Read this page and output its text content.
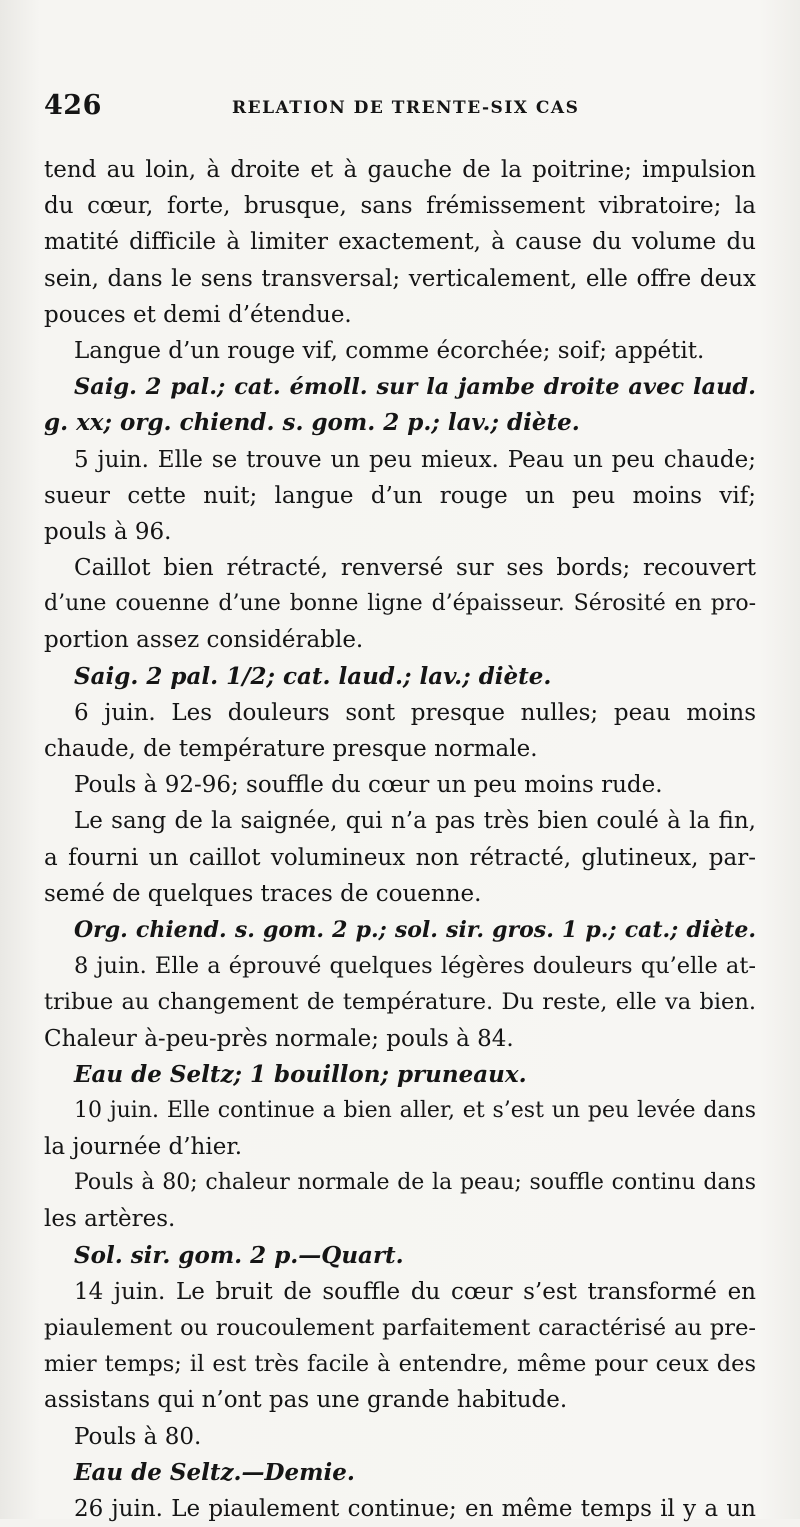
426	RELATION DE TRENTE-SIX CAS
tend au loin, à droite et à gauche de la poitrine; impulsion
du cœur, forte, brusque, sans frémissement vibratoire; la
matité difficile à limiter exactement, à cause du volume du
sein, dans le sens transversal; verticalement, elle offre deux
pouces et demi d’étendue.
Langue d’un rouge vif, comme écorchée; soif; appétit.
Saig. 2 pal.; cat. émoll. sur la jambe droite avec laud.
g. xx; org. chiend. s. gom. 2 p.; lav.; diète.
5 juin. Elle se trouve un peu mieux. Peau un peu chaude;
sueur cette nuit; langue d’un rouge un peu moins vif;
pouls à 96.
Caillot bien rétracté, renversé sur ses bords; recouvert
d’une couenne d’une bonne ligne d’épaisseur. Sérosité en pro-
portion assez considérable.
Saig. 2 pal. 1/2; cat. laud.; lav.; diète.
6 juin. Les douleurs sont presque nulles; peau moins
chaude, de température presque normale.
Pouls à 92-96; souffle du cœur un peu moins rude.
Le sang de la saignée, qui n’a pas très bien coulé à la fin,
a fourni un caillot volumineux non rétracté, glutineux, par-
semé de quelques traces de couenne.
Org. chiend. s. gom. 2 p.; sol. sir. gros. 1 p.; cat.; diète.
8 juin. Elle a éprouvé quelques légères douleurs qu’elle at-
tribue au changement de température. Du reste, elle va bien.
Chaleur à-peu-près normale; pouls à 84.
Eau de Seltz; 1 bouillon; pruneaux.
10 juin. Elle continue a bien aller, et s’est un peu levée dans
la journée d’hier.
Pouls à 80; chaleur normale de la peau; souffle continu dans
les artères.
Sol. sir. gom. 2 p.—Quart.
14 juin. Le bruit de souffle du cœur s’est transformé en
piaulement ou roucoulement parfaitement caractérisé au pre-
mier temps; il est très facile à entendre, même pour ceux des
assistans qui n’ont pas une grande habitude.
Pouls à 80.
Eau de Seltz.—Demie.
26 juin. Le piaulement continue; en même temps il y a un
